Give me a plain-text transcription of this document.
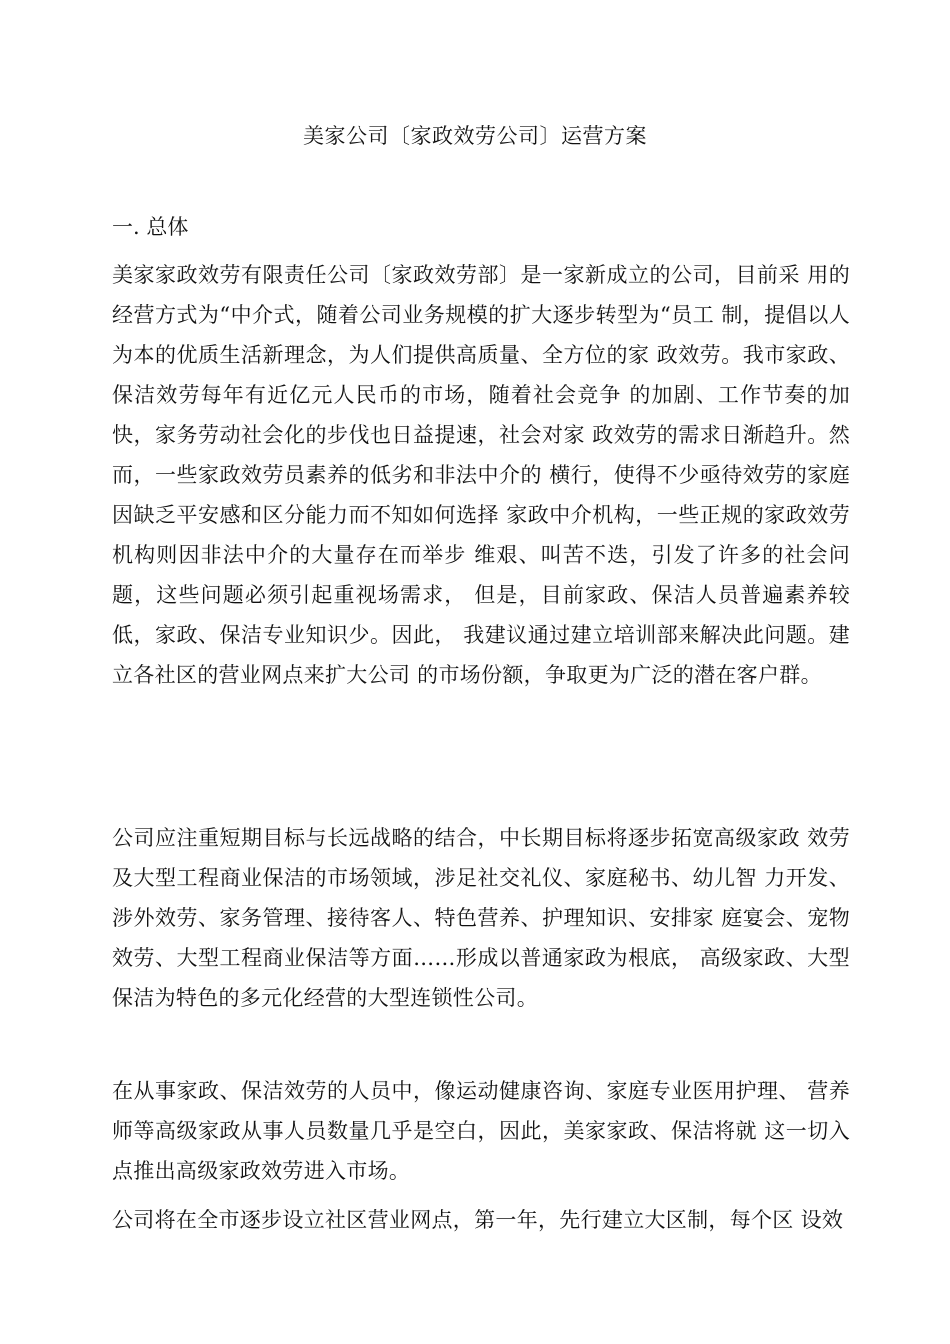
美家公司〔家政效劳公司〕运营方案
一. 总体
美家家政效劳有限责任公司〔家政效劳部〕是一家新成立的公司，目前采 用的经营方式为“中介式，随着公司业务规模的扩大逐步转型为“员工 制，提倡以人为本的优质生活新理念，为人们提供高质量、全方位的家 政效劳。我市家政、保洁效劳每年有近亿元人民币的市场，随着社会竞争 的加剧、工作节奏的加快，家务劳动社会化的步伐也日益提速，社会对家 政效劳的需求日渐趋升。然而，一些家政效劳员素养的低劣和非法中介的 横行，使得不少亟待效劳的家庭因缺乏平安感和区分能力而不知如何选择 家政中介机构，一些正规的家政效劳机构则因非法中介的大量存在而举步 维艰、叫苦不迭，引发了许多的社会问题，这些问题必须引起重视场需求， 但是，目前家政、保洁人员普遍素养较低，家政、保洁专业知识少。因此， 我建议通过建立培训部来解决此问题。建立各社区的营业网点来扩大公司 的市场份额，争取更为广泛的潜在客户群。
公司应注重短期目标与长远战略的结合，中长期目标将逐步拓宽高级家政 效劳及大型工程商业保洁的市场领域，涉足社交礼仪、家庭秘书、幼儿智 力开发、涉外效劳、家务管理、接待客人、特色营养、护理知识、安排家 庭宴会、宠物效劳、大型工程商业保洁等方面……形成以普通家政为根底， 高级家政、大型保洁为特色的多元化经营的大型连锁性公司。
在从事家政、保洁效劳的人员中，像运动健康咨询、家庭专业医用护理、 营养师等高级家政从事人员数量几乎是空白，因此，美家家政、保洁将就 这一切入点推出高级家政效劳进入市场。
公司将在全市逐步设立社区营业网点，第一年，先行建立大区制，每个区 设效
